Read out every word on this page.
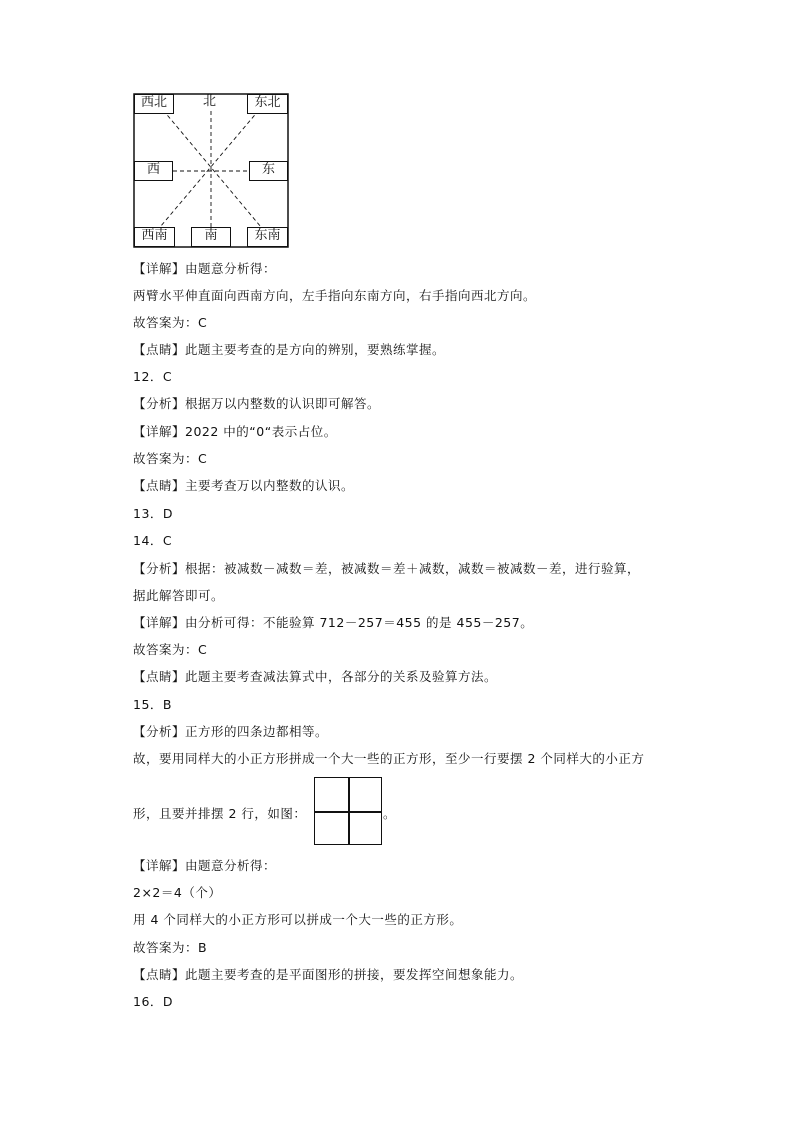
北
西北	东北
西	东
西南	南	东南
【详解】由题意分析得：
两臂水平伸直面向西南方向，左手指向东南方向，右手指向西北方向。
故答案为：C
【点睛】此题主要考查的是方向的辨别，要熟练掌握。
12．C
【分析】根据万以内整数的认识即可解答。
【详解】2022 中的“0“表示占位。
故答案为：C
【点睛】主要考查万以内整数的认识。
13．D
14．C
【分析】根据：被减数－减数＝差，被减数＝差＋减数，减数＝被减数－差，进行验算，
据此解答即可。
【详解】由分析可得：不能验算 712－257＝455 的是 455－257。
故答案为：C
【点睛】此题主要考查减法算式中，各部分的关系及验算方法。
15．B
【分析】正方形的四条边都相等。
故，要用同样大的小正方形拼成一个大一些的正方形，至少一行要摆 2 个同样大的小正方
形，且要并排摆 2 行，如图：	。
【详解】由题意分析得：
2×2＝4（个）
用 4 个同样大的小正方形可以拼成一个大一些的正方形。
故答案为：B
【点睛】此题主要考查的是平面图形的拼接，要发挥空间想象能力。
16．D
